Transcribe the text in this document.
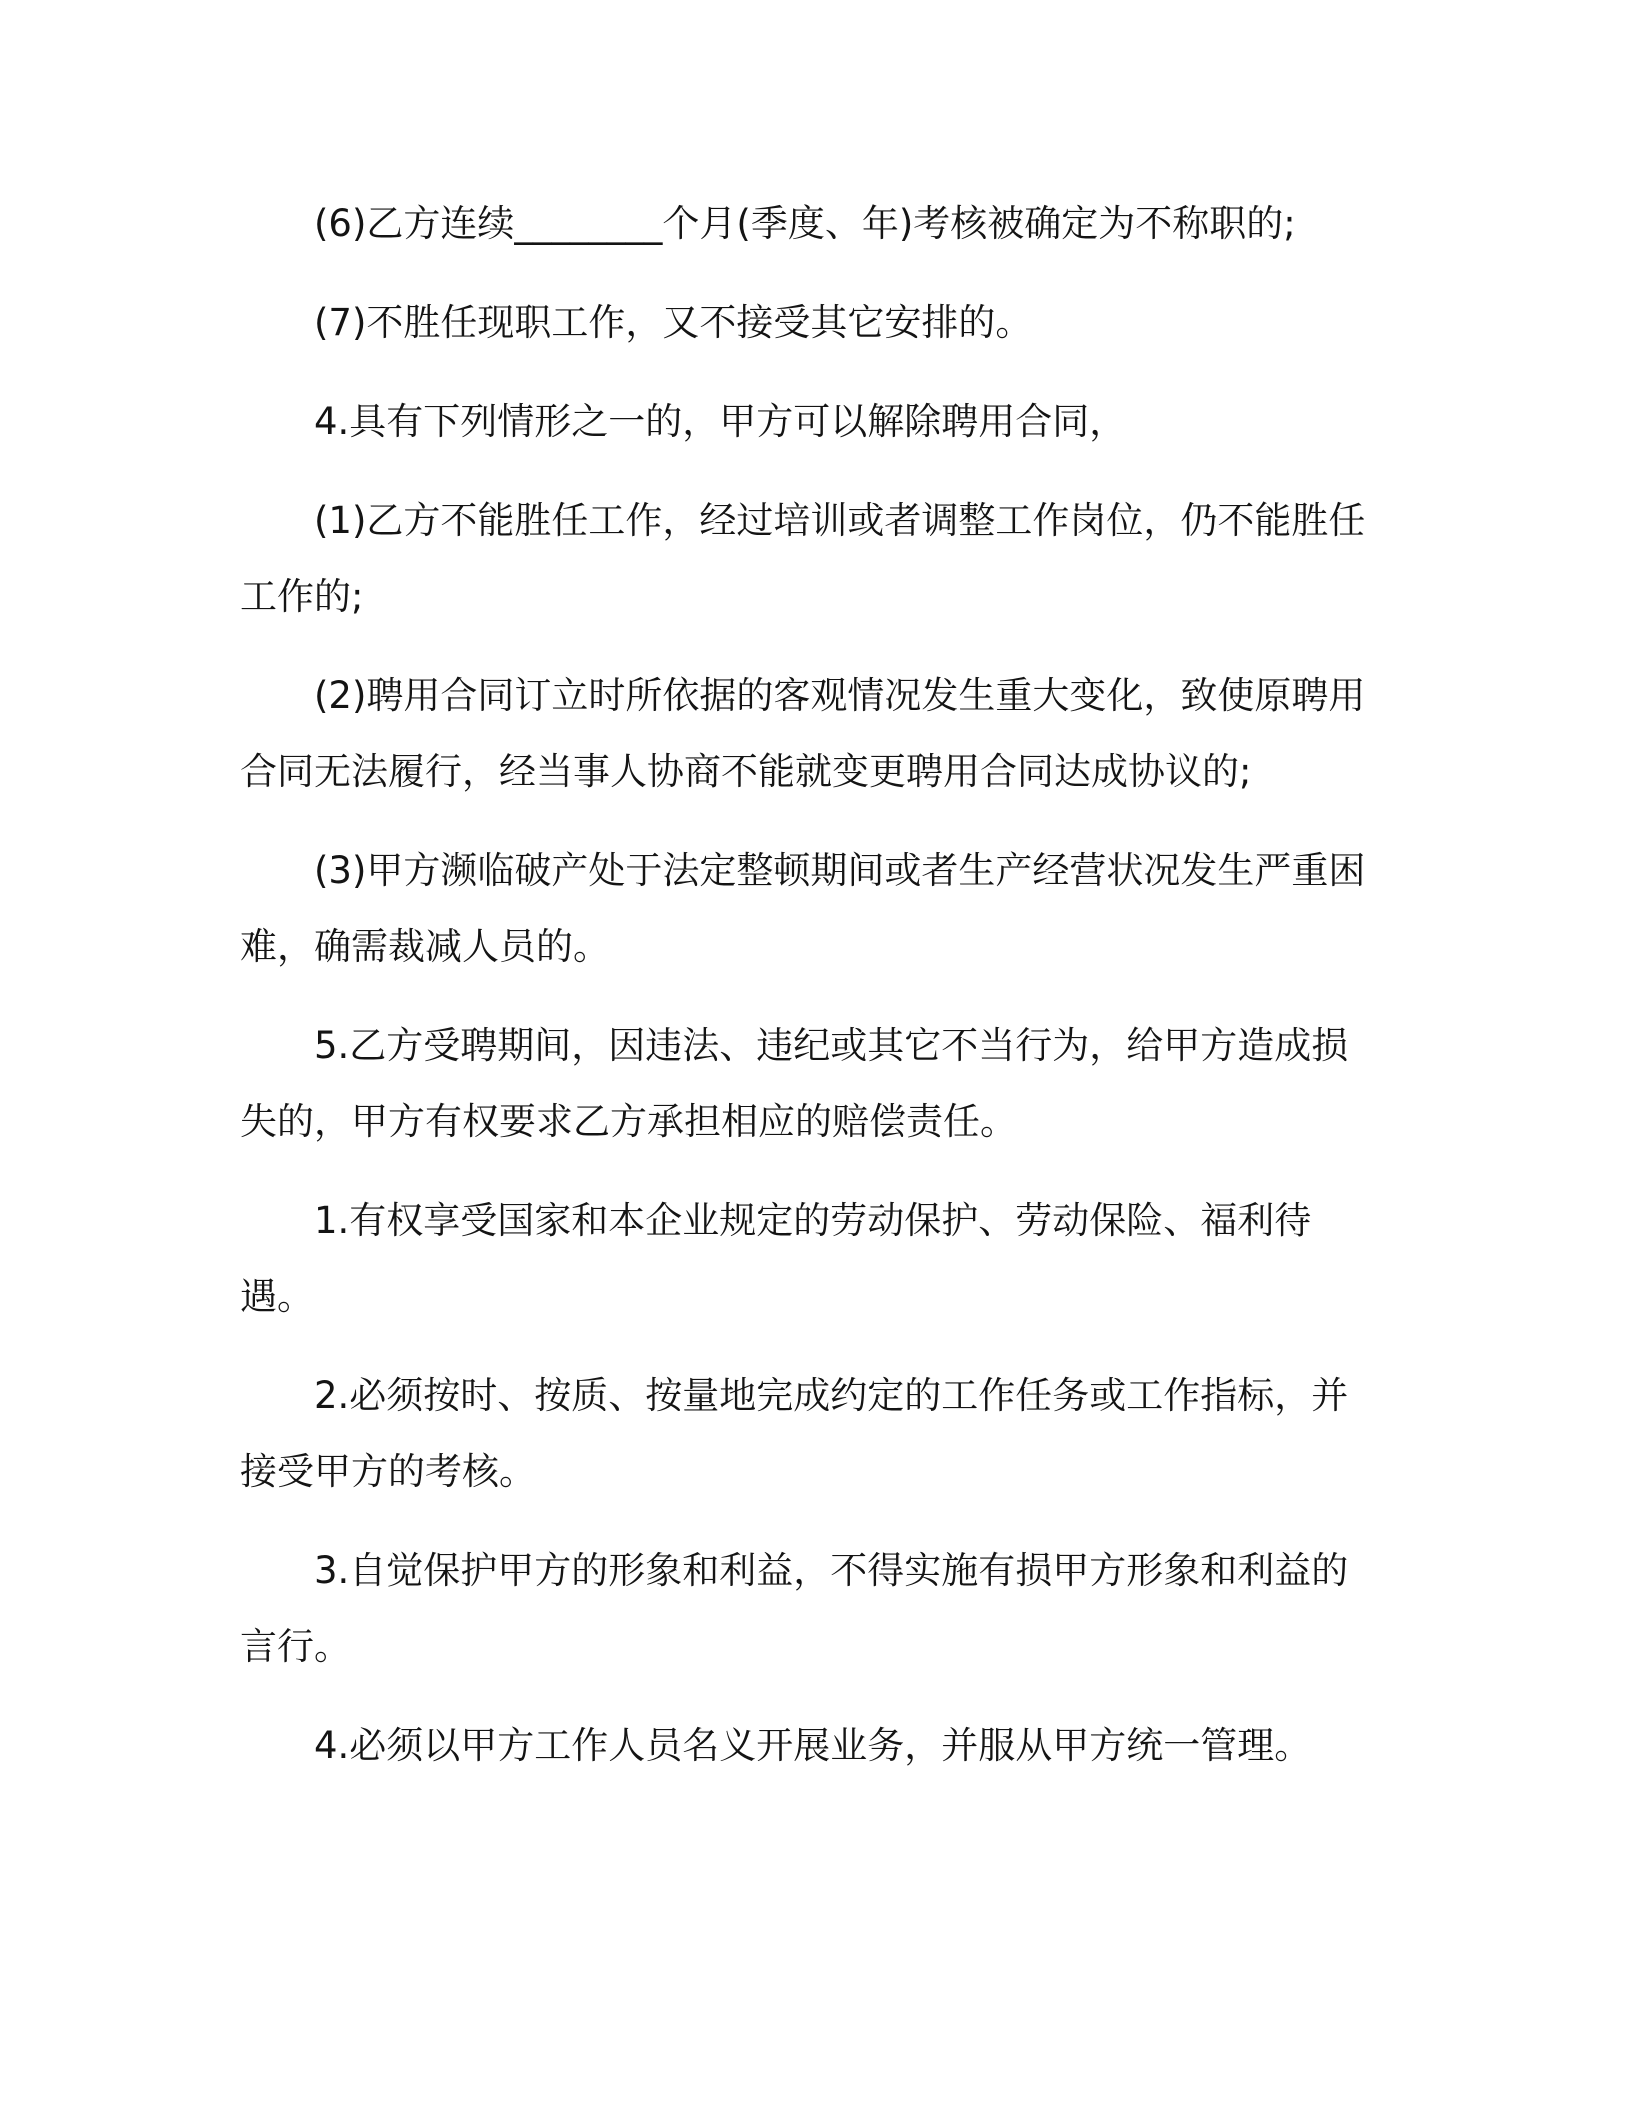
(6)乙方连续________个月(季度、年)考核被确定为不称职的;

(7)不胜任现职工作，又不接受其它安排的。

4.具有下列情形之一的，甲方可以解除聘用合同，

(1)乙方不能胜任工作，经过培训或者调整工作岗位，仍不能胜任工作的;

(2)聘用合同订立时所依据的客观情况发生重大变化，致使原聘用合同无法履行，经当事人协商不能就变更聘用合同达成协议的;

(3)甲方濒临破产处于法定整顿期间或者生产经营状况发生严重困难，确需裁减人员的。

5.乙方受聘期间，因违法、违纪或其它不当行为，给甲方造成损失的，甲方有权要求乙方承担相应的赔偿责任。

1.有权享受国家和本企业规定的劳动保护、劳动保险、福利待遇。

2.必须按时、按质、按量地完成约定的工作任务或工作指标，并接受甲方的考核。

3.自觉保护甲方的形象和利益，不得实施有损甲方形象和利益的言行。

4.必须以甲方工作人员名义开展业务，并服从甲方统一管理。
